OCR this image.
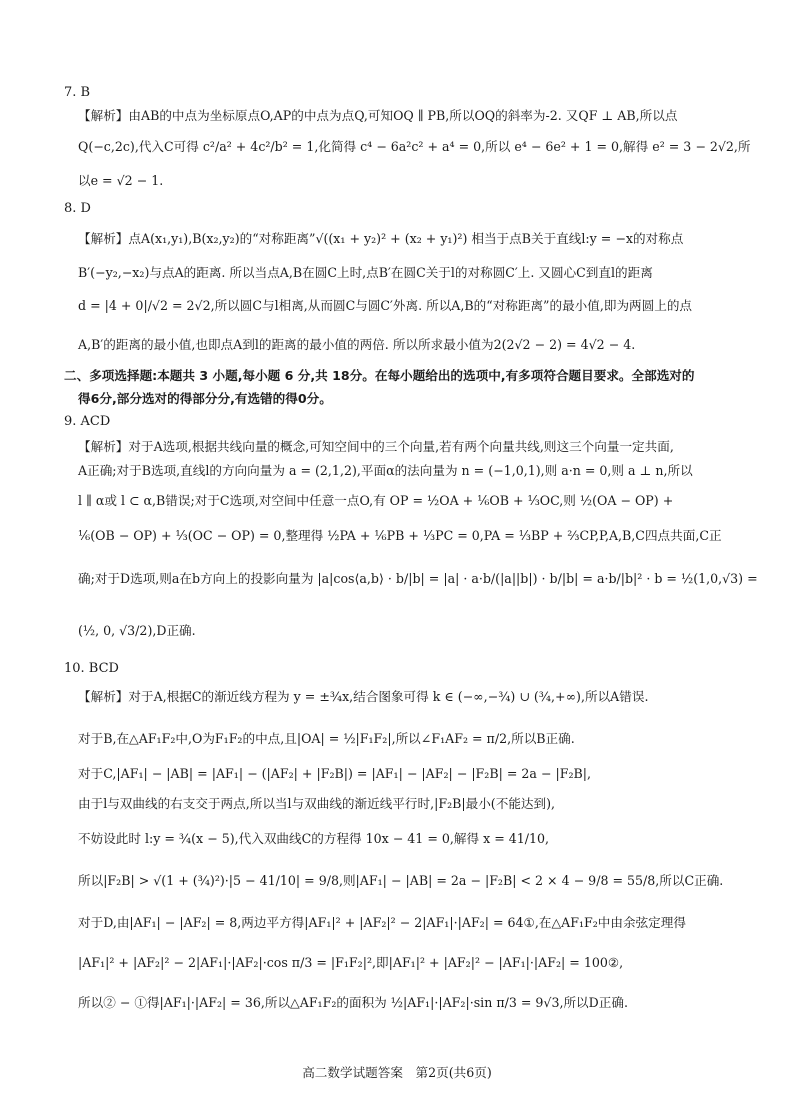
7. B
【解析】由AB的中点为坐标原点O,AP的中点为点Q,可知OQ ∥ PB,所以OQ的斜率为-2. 又QF ⊥ AB,所以点
Q(−c,2c),代入C可得 c²/a² + 4c²/b² = 1,化简得 c⁴ − 6a²c² + a⁴ = 0,所以 e⁴ − 6e² + 1 = 0,解得 e² = 3 − 2√2,所
以e = √2 − 1.
8. D
【解析】点A(x₁,y₁),B(x₂,y₂)的“对称距离”√((x₁ + y₂)² + (x₂ + y₁)²) 相当于点B关于直线l:y = −x的对称点
B′(−y₂,−x₂)与点A的距离. 所以当点A,B在圆C上时,点B′在圆C关于l的对称圆C′上. 又圆心C到直l的距离
d = |4 + 0|/√2 = 2√2,所以圆C与l相离,从而圆C与圆C′外离. 所以A,B的“对称距离”的最小值,即为两圆上的点
A,B′的距离的最小值,也即点A到l的距离的最小值的两倍. 所以所求最小值为2(2√2 − 2) = 4√2 − 4.
二、多项选择题:本题共 3 小题,每小题 6 分,共 18分。在每小题给出的选项中,有多项符合题目要求。全部选对的
得6分,部分选对的得部分分,有选错的得0分。
9. ACD
【解析】对于A选项,根据共线向量的概念,可知空间中的三个向量,若有两个向量共线,则这三个向量一定共面,
A正确;对于B选项,直线l的方向向量为 a = (2,1,2),平面α的法向量为 n = (−1,0,1),则 a·n = 0,则 a ⊥ n,所以
l ∥ α或 l ⊂ α,B错误;对于C选项,对空间中任意一点O,有 OP = ½OA + ⅙OB + ⅓OC,则 ½(OA − OP) +
⅙(OB − OP) + ⅓(OC − OP) = 0,整理得 ½PA + ⅙PB + ⅓PC = 0,PA = ⅓BP + ⅔CP,P,A,B,C四点共面,C正
确;对于D选项,则a在b方向上的投影向量为 |a|cos⟨a,b⟩ · b/|b| = |a| · a·b/(|a||b|) · b/|b| = a·b/|b|² · b = ½(1,0,√3) =
(½, 0, √3/2),D正确.
10. BCD
【解析】对于A,根据C的渐近线方程为 y = ±¾x,结合图象可得 k ∈ (−∞,−¾) ∪ (¾,+∞),所以A错误.
对于B,在△AF₁F₂中,O为F₁F₂的中点,且|OA| = ½|F₁F₂|,所以∠F₁AF₂ = π/2,所以B正确.
对于C,|AF₁| − |AB| = |AF₁| − (|AF₂| + |F₂B|) = |AF₁| − |AF₂| − |F₂B| = 2a − |F₂B|,
由于l与双曲线的右支交于两点,所以当l与双曲线的渐近线平行时,|F₂B|最小(不能达到),
不妨设此时 l:y = ¾(x − 5),代入双曲线C的方程得 10x − 41 = 0,解得 x = 41/10,
所以|F₂B| > √(1 + (¾)²)·|5 − 41/10| = 9/8,则|AF₁| − |AB| = 2a − |F₂B| < 2 × 4 − 9/8 = 55/8,所以C正确.
对于D,由|AF₁| − |AF₂| = 8,两边平方得|AF₁|² + |AF₂|² − 2|AF₁|·|AF₂| = 64①,在△AF₁F₂中由余弦定理得
|AF₁|² + |AF₂|² − 2|AF₁|·|AF₂|·cos π/3 = |F₁F₂|²,即|AF₁|² + |AF₂|² − |AF₁|·|AF₂| = 100②,
所以② − ①得|AF₁|·|AF₂| = 36,所以△AF₁F₂的面积为 ½|AF₁|·|AF₂|·sin π/3 = 9√3,所以D正确.
高二数学试题答案　第2页(共6页)
